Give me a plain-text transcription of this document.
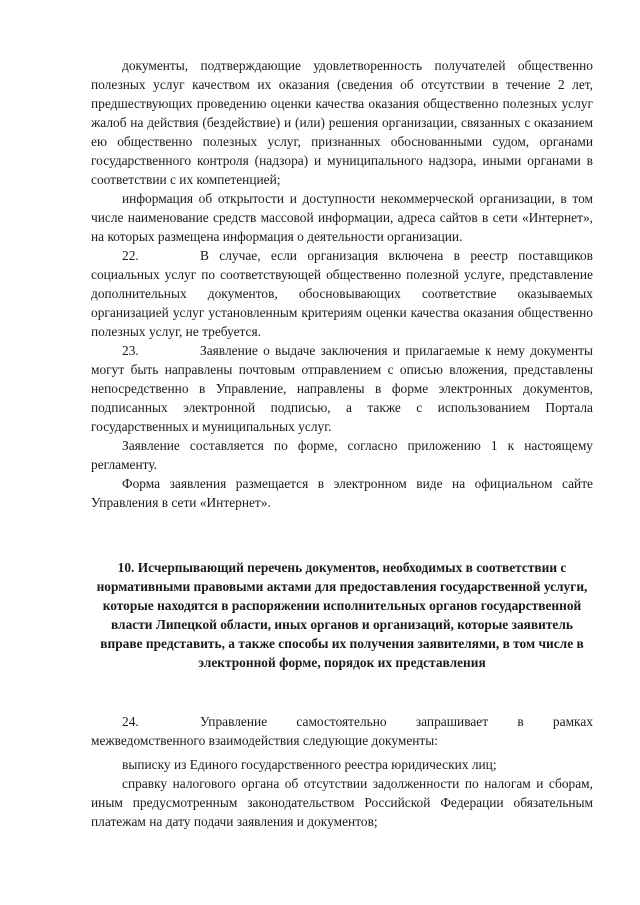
документы, подтверждающие удовлетворенность получателей общественно полезных услуг качеством их оказания (сведения об отсутствии в течение 2 лет, предшествующих проведению оценки качества оказания общественно полезных услуг жалоб на действия (бездействие) и (или) решения организации, связанных с оказанием ею общественно полезных услуг, признанных обоснованными судом, органами государственного контроля (надзора) и муниципального надзора, иными органами в соответствии с их компетенцией;

информация об открытости и доступности некоммерческой организации, в том числе наименование средств массовой информации, адреса сайтов в сети «Интернет», на которых размещена информация о деятельности организации.

22.	В случае, если организация включена в реестр поставщиков социальных услуг по соответствующей общественно полезной услуге, представление дополнительных документов, обосновывающих соответствие оказываемых организацией услуг установленным критериям оценки качества оказания общественно полезных услуг, не требуется.

23.	Заявление о выдаче заключения и прилагаемые к нему документы могут быть направлены почтовым отправлением с описью вложения, представлены непосредственно в Управление, направлены в форме электронных документов, подписанных электронной подписью, а также с использованием Портала государственных и муниципальных услуг.

Заявление составляется по форме, согласно приложению 1 к настоящему регламенту.

Форма заявления размещается в электронном виде на официальном сайте Управления в сети «Интернет».

10. Исчерпывающий перечень документов, необходимых в соответствии с нормативными правовыми актами для предоставления государственной услуги, которые находятся в распоряжении исполнительных органов государственной власти Липецкой области, иных органов и организаций, которые заявитель вправе представить, а также способы их получения заявителями, в том числе в электронной форме, порядок их представления

24.	Управление самостоятельно запрашивает в рамках межведомственного взаимодействия следующие документы:

выписку из Единого государственного реестра юридических лиц;

справку налогового органа об отсутствии задолженности по налогам и сборам, иным предусмотренным законодательством Российской Федерации обязательным платежам на дату подачи заявления и документов;
